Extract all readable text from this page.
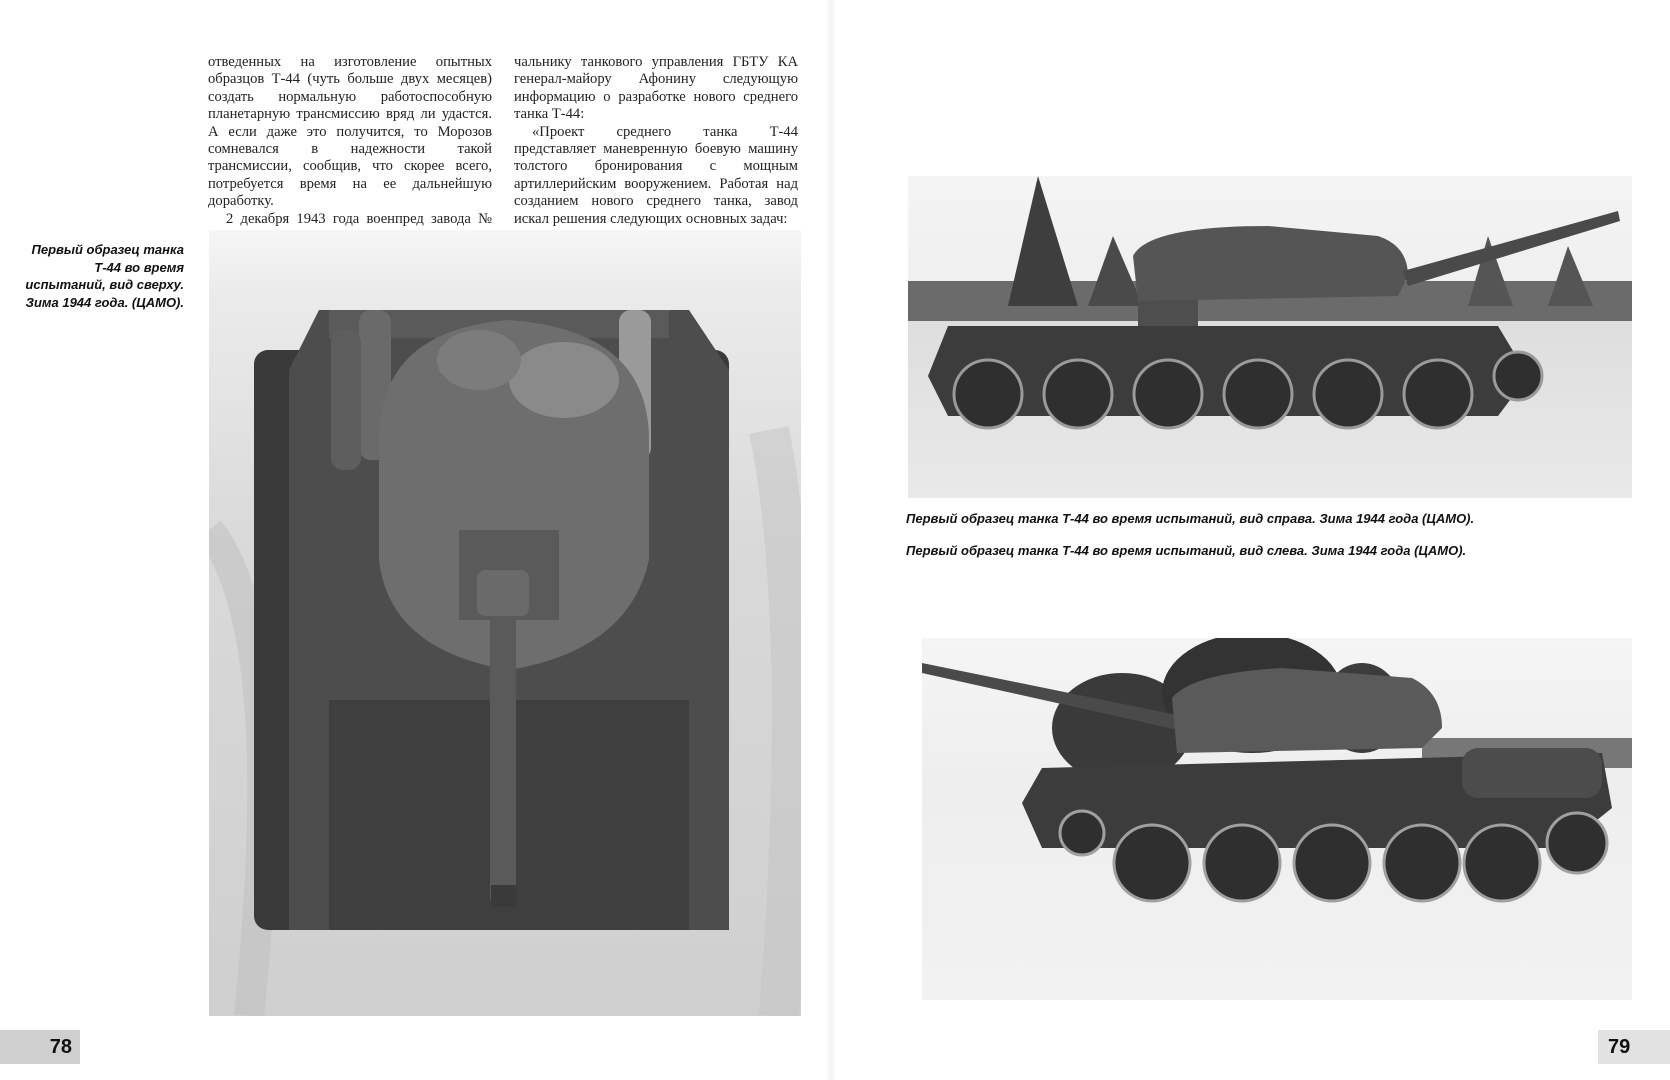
отведенных на изготовление опытных образцов Т-44 (чуть больше двух месяцев) создать нормальную работоспособную планетарную трансмиссию вряд ли удастся. А если даже это получится, то Морозов сомневался в надежности такой трансмиссии, сообщив, что скорее всего, потребуется время на ее дальнейшую доработку.

2 декабря 1943 года военпред завода №

чальнику танкового управления ГБТУ КА генерал-майору Афонину следующую информацию о разработке нового среднего танка Т-44:

«Проект среднего танка Т-44 представляет маневренную боевую машину толстого бронирования с мощным артиллерийским вооружением. Работая над созданием нового среднего танка, завод искал решения следующих основных задач:

Первый образец танка Т-44 во время испытаний, вид сверху. Зима 1944 года. (ЦАМО).
Первый образец танка Т-44 во время испытаний, вид справа. Зима 1944 года (ЦАМО).
Первый образец танка Т-44 во время испытаний, вид слева. Зима 1944 года (ЦАМО).
78	79
